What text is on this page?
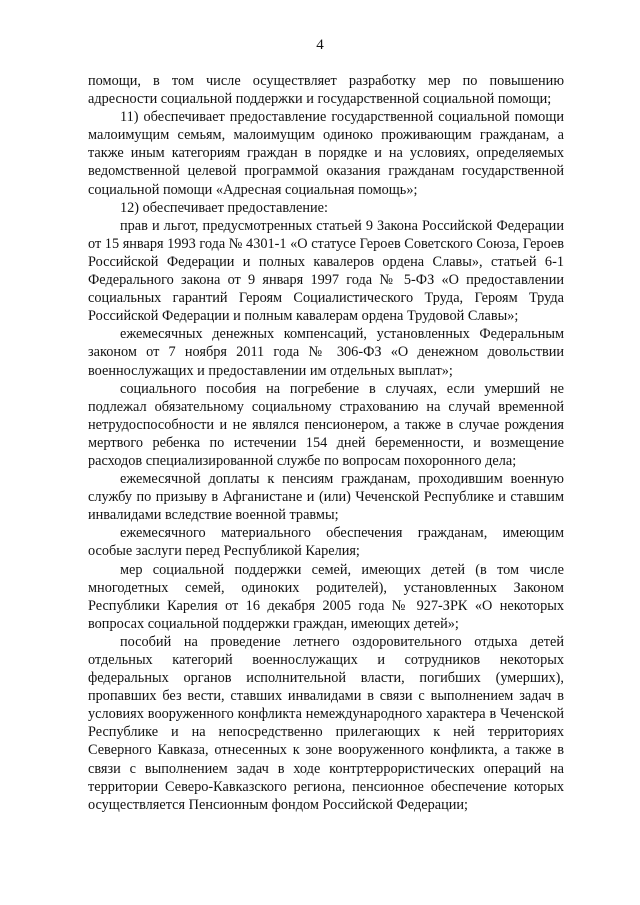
4

помощи, в том числе осуществляет разработку мер по повышению адресности социальной поддержки и государственной социальной помощи;

11) обеспечивает предоставление государственной социальной помощи малоимущим семьям, малоимущим одиноко проживающим гражданам, а также иным категориям граждан в порядке и на условиях, определяемых ведомственной целевой программой оказания гражданам государственной социальной помощи «Адресная социальная помощь»;

12) обеспечивает предоставление:

прав и льгот, предусмотренных статьей 9 Закона Российской Федерации от 15 января 1993 года № 4301-1 «О статусе Героев Советского Союза, Героев Российской Федерации и полных кавалеров ордена Славы», статьей 6-1 Федерального закона от 9 января 1997 года № 5-ФЗ «О предоставлении социальных гарантий Героям Социалистического Труда, Героям Труда Российской Федерации и полным кавалерам ордена Трудовой Славы»;

ежемесячных денежных компенсаций, установленных Федеральным законом от 7 ноября 2011 года № 306-ФЗ «О денежном довольствии военнослужащих и предоставлении им отдельных выплат»;

социального пособия на погребение в случаях, если умерший не подлежал обязательному социальному страхованию на случай временной нетрудоспособности и не являлся пенсионером, а также в случае рождения мертвого ребенка по истечении 154 дней беременности, и возмещение расходов специализированной службе по вопросам похоронного дела;

ежемесячной доплаты к пенсиям гражданам, проходившим военную службу по призыву в Афганистане и (или) Чеченской Республике и ставшим инвалидами вследствие военной травмы;

ежемесячного материального обеспечения гражданам, имеющим особые заслуги перед Республикой Карелия;

мер социальной поддержки семей, имеющих детей (в том числе многодетных семей, одиноких родителей), установленных Законом Республики Карелия от 16 декабря 2005 года № 927-ЗРК «О некоторых вопросах социальной поддержки граждан, имеющих детей»;

пособий на проведение летнего оздоровительного отдыха детей отдельных категорий военнослужащих и сотрудников некоторых федеральных органов исполнительной власти, погибших (умерших), пропавших без вести, ставших инвалидами в связи с выполнением задач в условиях вооруженного конфликта немеждународного характера в Чеченской Республике и на непосредственно прилегающих к ней территориях Северного Кавказа, отнесенных к зоне вооруженного конфликта, а также в связи с выполнением задач в ходе контртеррористических операций на территории Северо-Кавказского региона, пенсионное обеспечение которых осуществляется Пенсионным фондом Российской Федерации;
